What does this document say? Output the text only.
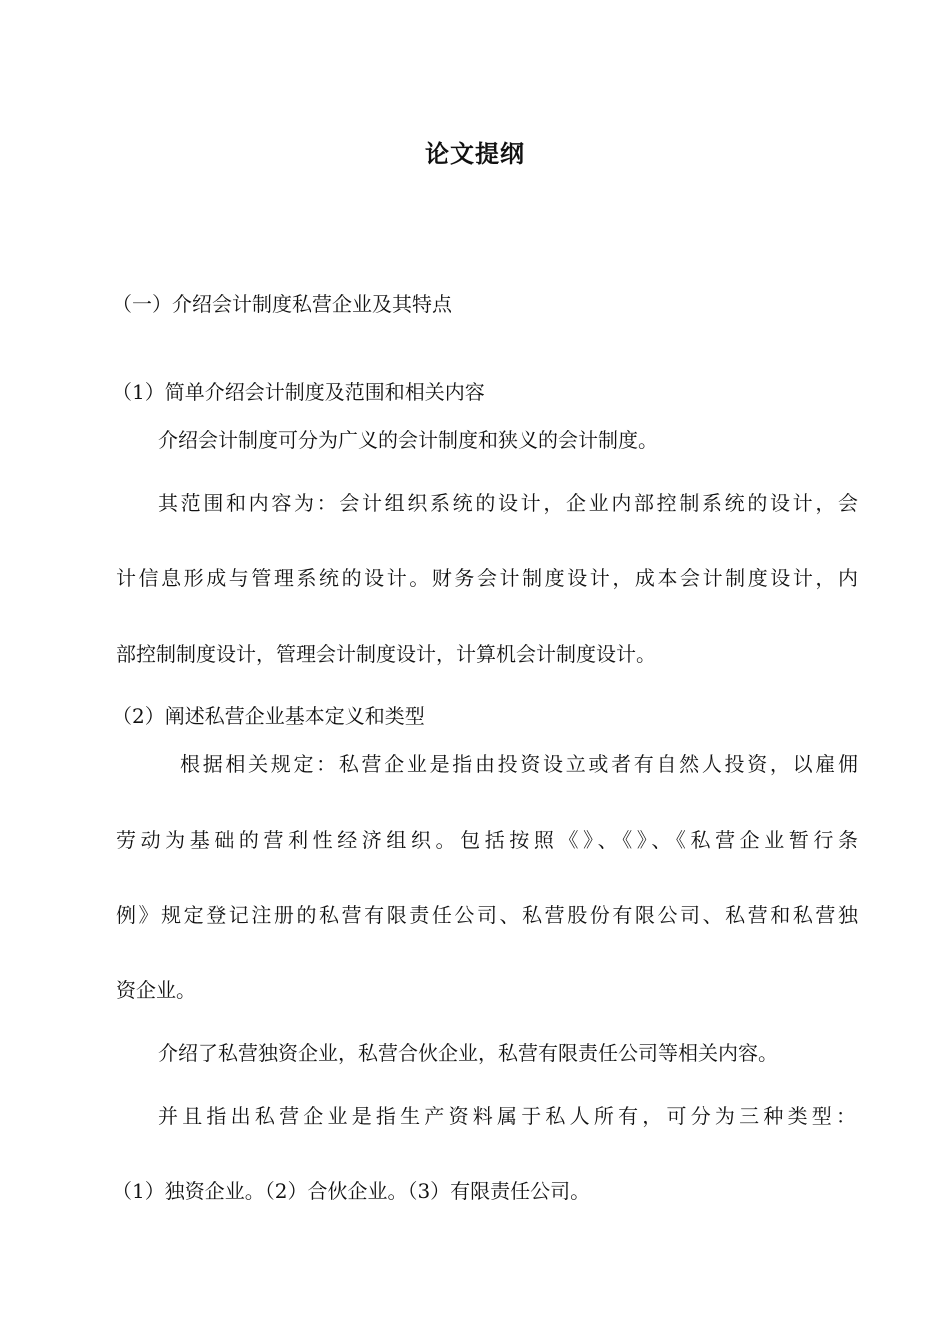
论文提纲
（一）介绍会计制度私营企业及其特点
（1）简单介绍会计制度及范围和相关内容
介绍会计制度可分为广义的会计制度和狭义的会计制度。
其范围和内容为：会计组织系统的设计，企业内部控制系统的设计，会
计信息形成与管理系统的设计。财务会计制度设计，成本会计制度设计，内
部控制制度设计，管理会计制度设计，计算机会计制度设计。
（2）阐述私营企业基本定义和类型
根据相关规定：私营企业是指由投资设立或者有自然人投资，以雇佣
劳动为基础的营利性经济组织。包括按照《》、《》、《私营企业暂行条
例》规定登记注册的私营有限责任公司、私营股份有限公司、私营和私营独
资企业。
介绍了私营独资企业，私营合伙企业，私营有限责任公司等相关内容。
并且指出私营企业是指生产资料属于私人所有，可分为三种类型：
（1）独资企业。（2）合伙企业。（3）有限责任公司。
